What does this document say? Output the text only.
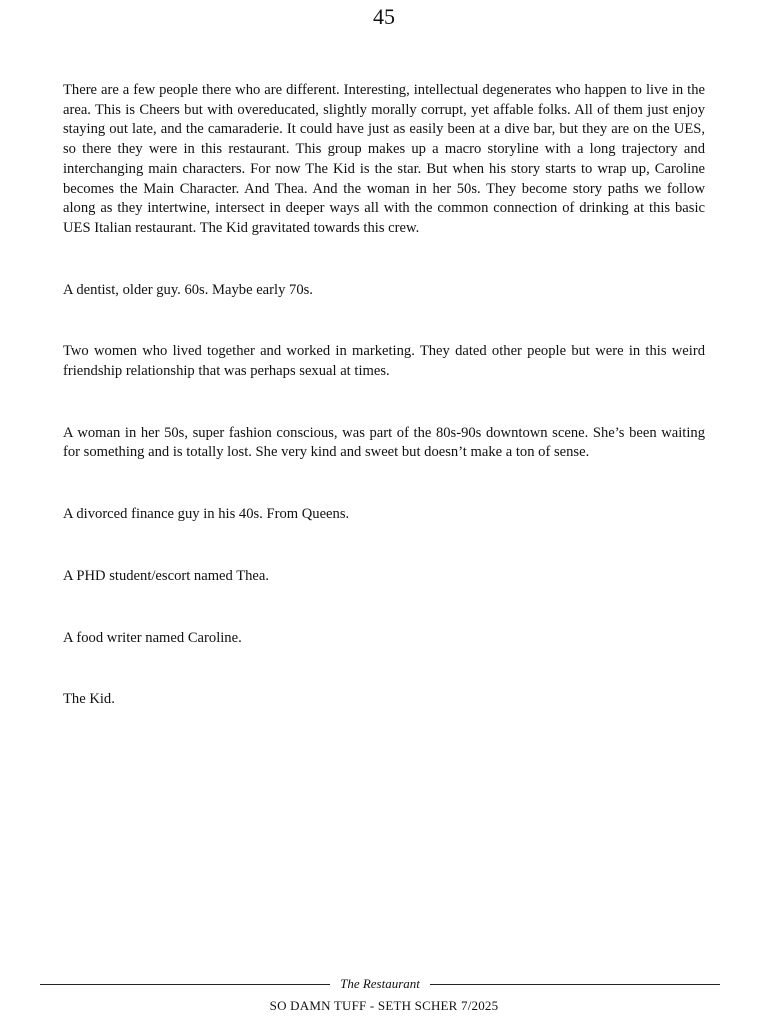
45

There are a few people there who are different. Interesting, intellectual degenerates who happen to live in the area. This is Cheers but with overeducated, slightly morally corrupt, yet affable folks. All of them just enjoy staying out late, and the camaraderie. It could have just as easily been at a dive bar, but they are on the UES, so there they were in this restaurant. This group makes up a macro storyline with a long trajectory and interchanging main characters. For now The Kid is the star. But when his story starts to wrap up, Caroline becomes the Main Character. And Thea. And the woman in her 50s. They become story paths we follow along as they intertwine, intersect in deeper ways all with the common connection of drinking at this basic UES Italian restaurant. The Kid gravitated towards this crew.

A dentist, older guy. 60s. Maybe early 70s.

Two women who lived together and worked in marketing. They dated other people but were in this weird friendship relationship that was perhaps sexual at times.

A woman in her 50s, super fashion conscious, was part of the 80s-90s downtown scene. She’s been waiting for something and is totally lost. She very kind and sweet but doesn’t make a ton of sense.

A divorced finance guy in his 40s. From Queens.

A PHD student/escort named Thea.

A food writer named Caroline.

The Kid.

The Restaurant
SO DAMN TUFF - SETH SCHER 7/2025
